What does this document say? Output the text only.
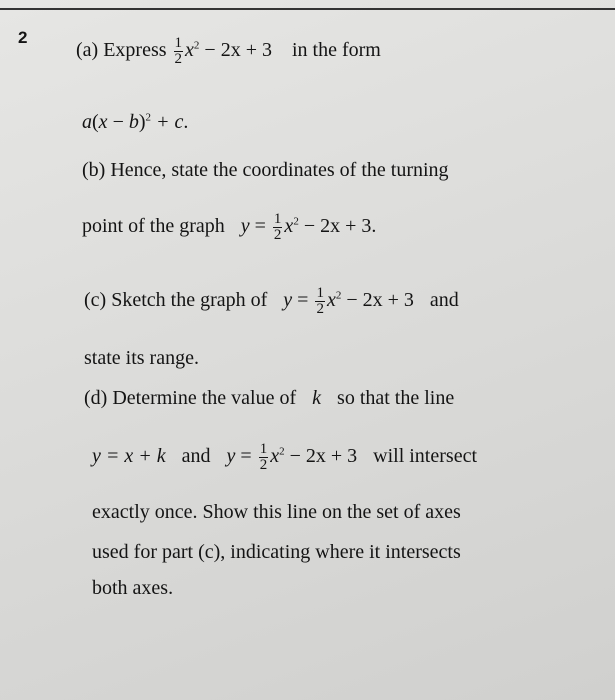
2
(a) Express $\frac{1}{2} x^2 - 2x + 3$ in the form
$a(x - b)^2 + c$.
(b) Hence, state the coordinates of the turning
point of the graph $y = \frac{1}{2} x^2 - 2x + 3$.
(c) Sketch the graph of $y = \frac{1}{2} x^2 - 2x + 3$ and
state its range.
(d) Determine the value of k so that the line
y = x + k and $y = \frac{1}{2} x^2 - 2x + 3$ will intersect
exactly once. Show this line on the set of axes
used for part (c), indicating where it intersects
both axes.
